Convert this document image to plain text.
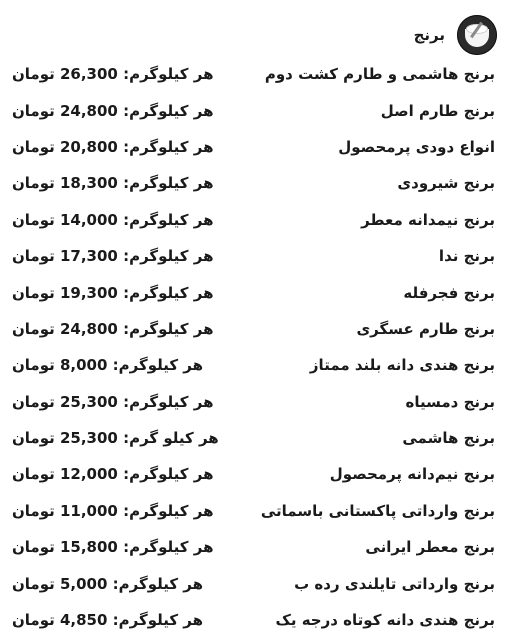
برنج
برنج هاشمی و طارم کشت دوم
هر کیلوگرم: 26,300 تومان
برنج طارم اصل
هر کیلوگرم: 24,800 تومان
انواع دودی پرمحصول
هر کیلوگرم: 20,800 تومان
برنج شیرودی
هر کیلوگرم: 18,300 تومان
برنج نیمدانه معطر
هر کیلوگرم: 14,000 تومان
برنج ندا
هر کیلوگرم: 17,300 تومان
برنج فجرفله
هر کیلوگرم: 19,300 تومان
برنج طارم عسگری
هر کیلوگرم: 24,800 تومان
برنج هندی دانه بلند ممتاز
هر کیلوگرم: 8,000 تومان
برنج دمسیاه
هر کیلوگرم: 25,300 تومان
برنج هاشمی
هر کیلو گرم: 25,300 تومان
برنج نیم‌دانه پرمحصول
هر کیلوگرم: 12,000 تومان
برنج وارداتی پاکستانی باسماتی
هر کیلوگرم: 11,000 تومان
برنج معطر ایرانی
هر کیلوگرم: 15,800 تومان
برنج وارداتی تایلندی رده ب
هر کیلوگرم: 5,000 تومان
برنج هندی دانه کوتاه درجه یک
هر کیلوگرم: 4,850 تومان
